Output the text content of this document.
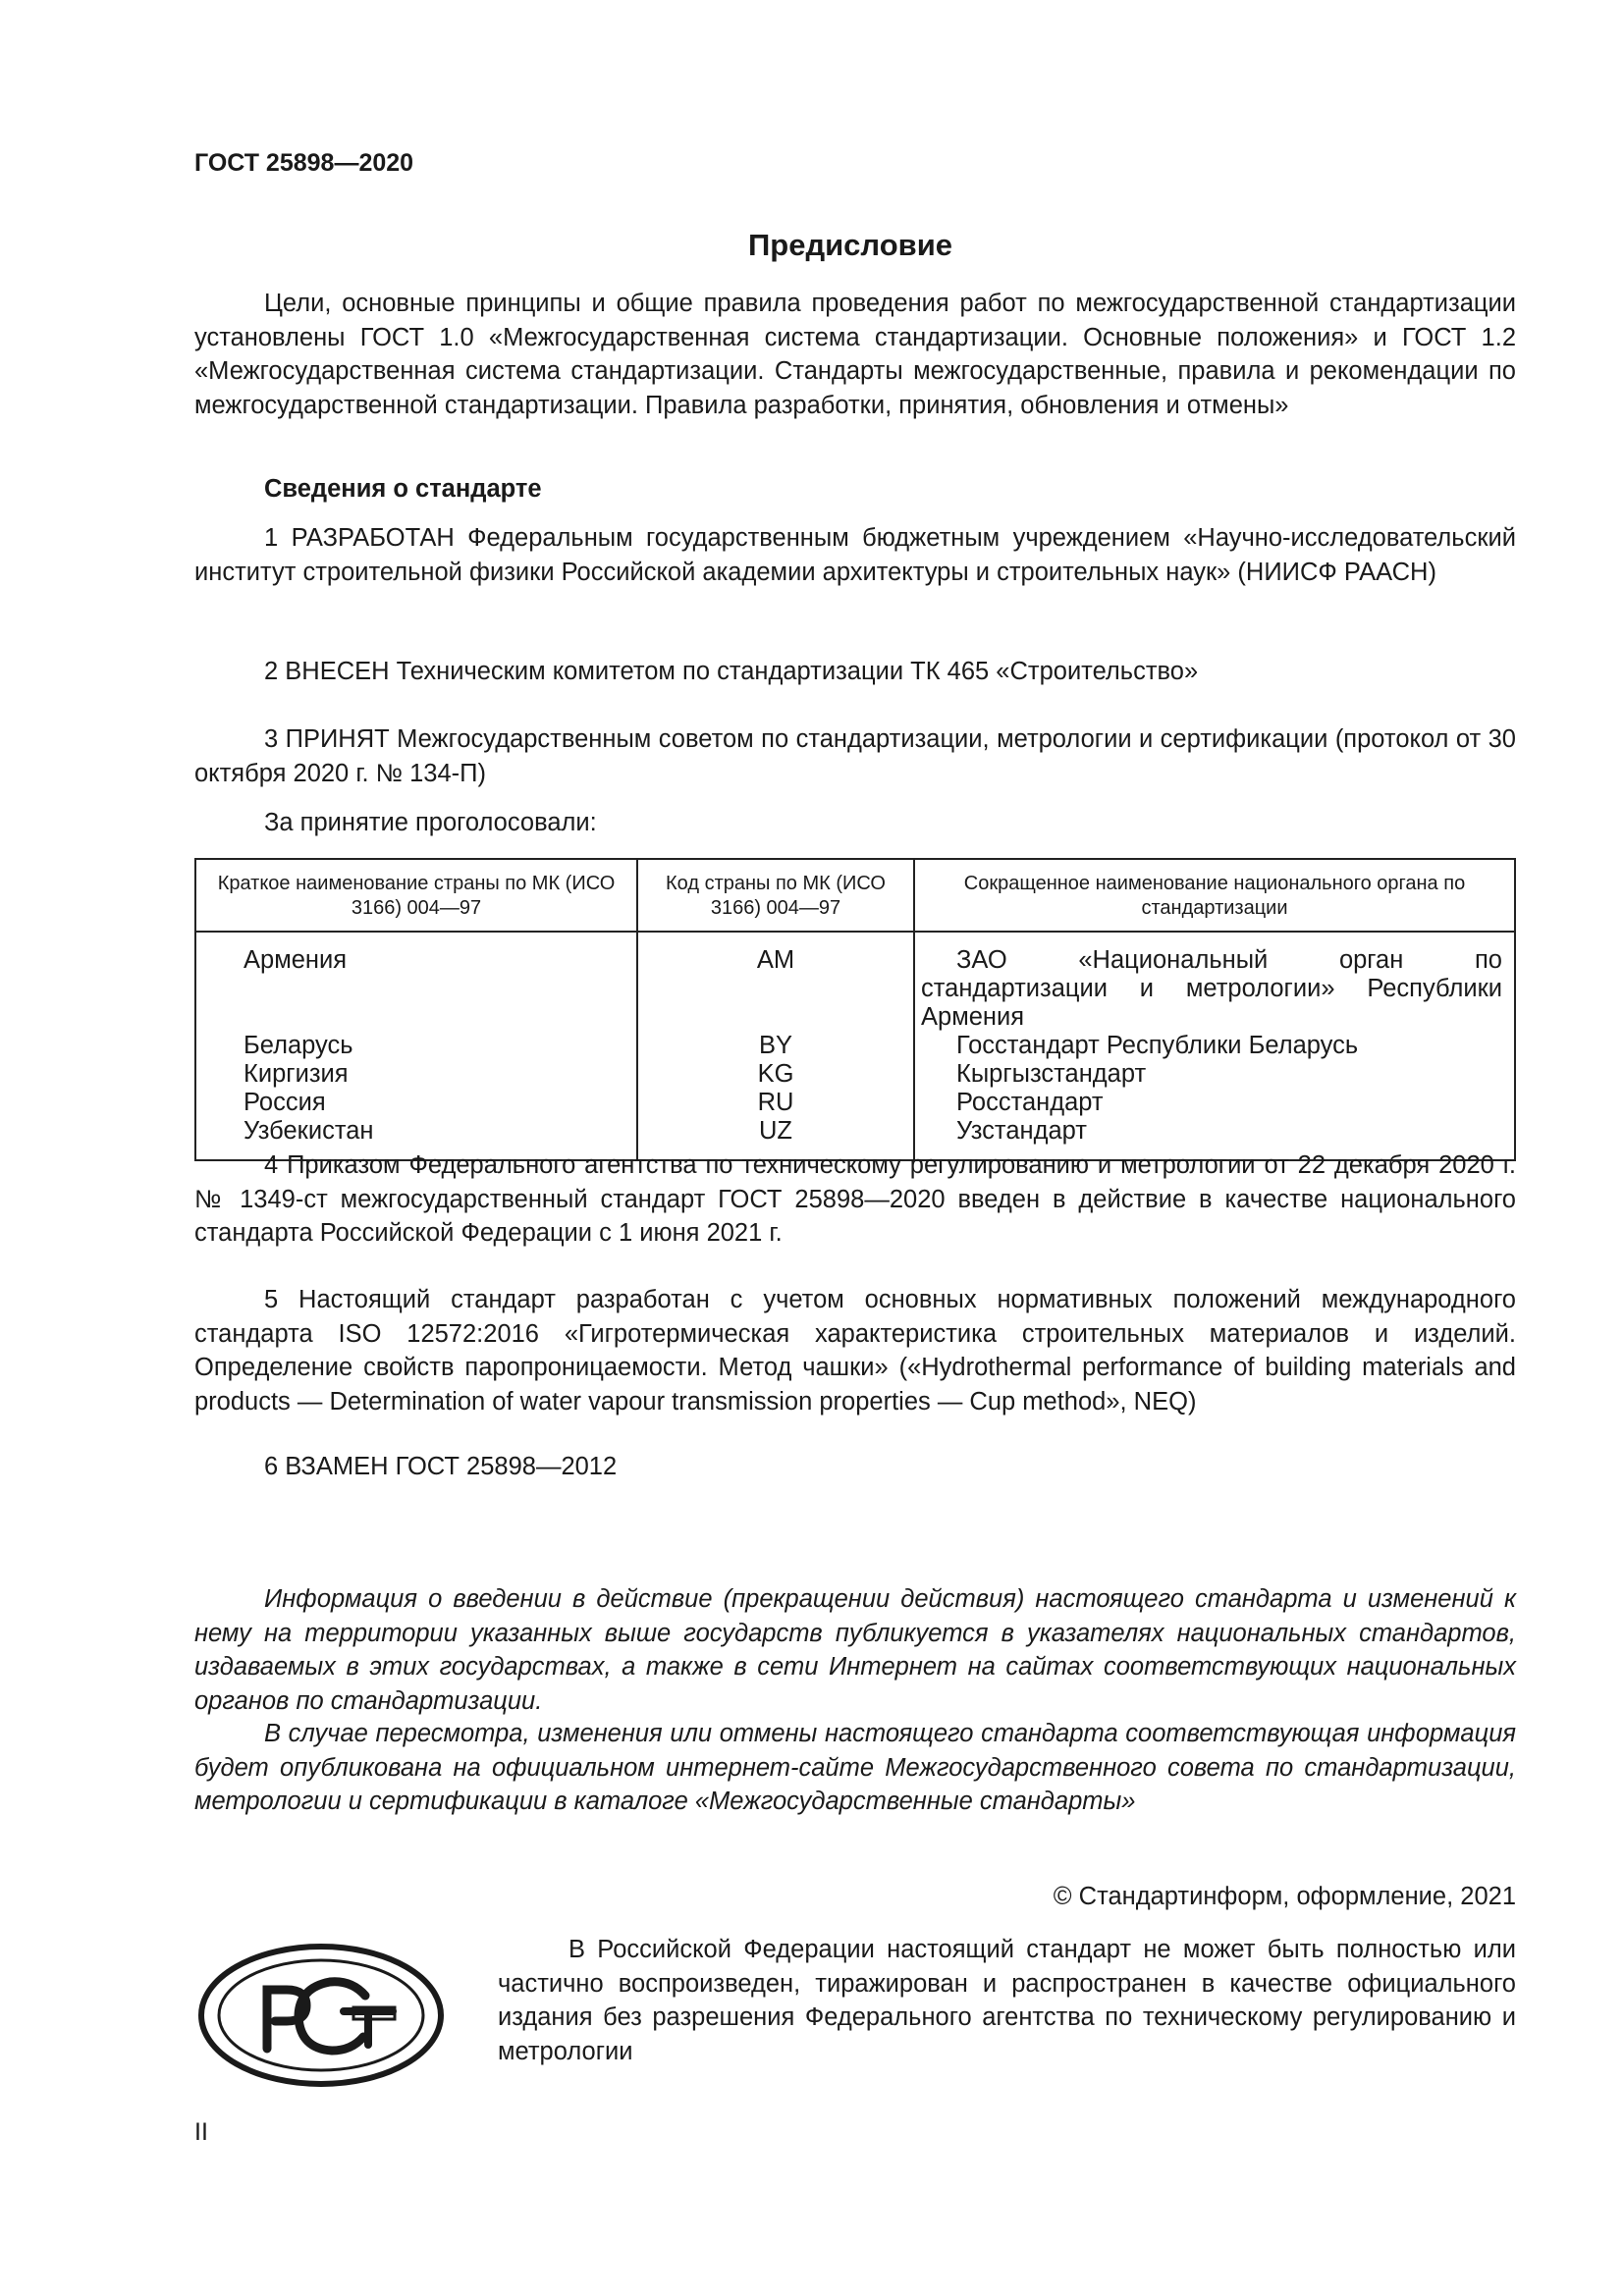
ГОСТ 25898—2020
Предисловие
Цели, основные принципы и общие правила проведения работ по межгосударственной стандартизации установлены ГОСТ 1.0 «Межгосударственная система стандартизации. Основные положения» и ГОСТ 1.2 «Межгосударственная система стандартизации. Стандарты межгосударственные, правила и рекомендации по межгосударственной стандартизации. Правила разработки, принятия, обновления и отмены»
Сведения о стандарте
1 РАЗРАБОТАН Федеральным государственным бюджетным учреждением «Научно-исследовательский институт строительной физики Российской академии архитектуры и строительных наук» (НИИСФ РААСН)
2 ВНЕСЕН Техническим комитетом по стандартизации ТК 465 «Строительство»
3 ПРИНЯТ Межгосударственным советом по стандартизации, метрологии и сертификации (протокол от 30 октября 2020 г. № 134-П)
За принятие проголосовали:
Краткое наименование страны по МК (ИСО 3166) 004—97	Код страны по МК (ИСО 3166) 004—97	Сокращенное наименование национального органа по стандартизации
Армения	AM	ЗАО «Национальный орган по стандартизации и метрологии» Республики Армения

Беларусь	BY	Госстандарт Республики Беларусь

Киргизия	KG	Кыргызстандарт

Россия	RU	Росстандарт

Узбекистан	UZ	Узстандарт
4 Приказом Федерального агентства по техническому регулированию и метрологии от 22 декабря 2020 г. № 1349-ст межгосударственный стандарт ГОСТ 25898—2020 введен в действие в качестве национального стандарта Российской Федерации с 1 июня 2021 г.
5 Настоящий стандарт разработан с учетом основных нормативных положений международного стандарта ISO 12572:2016 «Гигротермическая характеристика строительных материалов и изделий. Определение свойств паропроницаемости. Метод чашки» («Hydrothermal performance of building materials and products — Determination of water vapour transmission properties — Cup method», NEQ)
6 ВЗАМЕН ГОСТ 25898—2012
Информация о введении в действие (прекращении действия) настоящего стандарта и изменений к нему на территории указанных выше государств публикуется в указателях национальных стандартов, издаваемых в этих государствах, а также в сети Интернет на сайтах соответствующих национальных органов по стандартизации.
В случае пересмотра, изменения или отмены настоящего стандарта соответствующая информация будет опубликована на официальном интернет-сайте Межгосударственного совета по стандартизации, метрологии и сертификации в каталоге «Межгосударственные стандарты»
© Стандартинформ, оформление, 2021
В Российской Федерации настоящий стандарт не может быть полностью или частично воспроизведен, тиражирован и распространен в качестве официального издания без разрешения Федерального агентства по техническому регулированию и метрологии
II
